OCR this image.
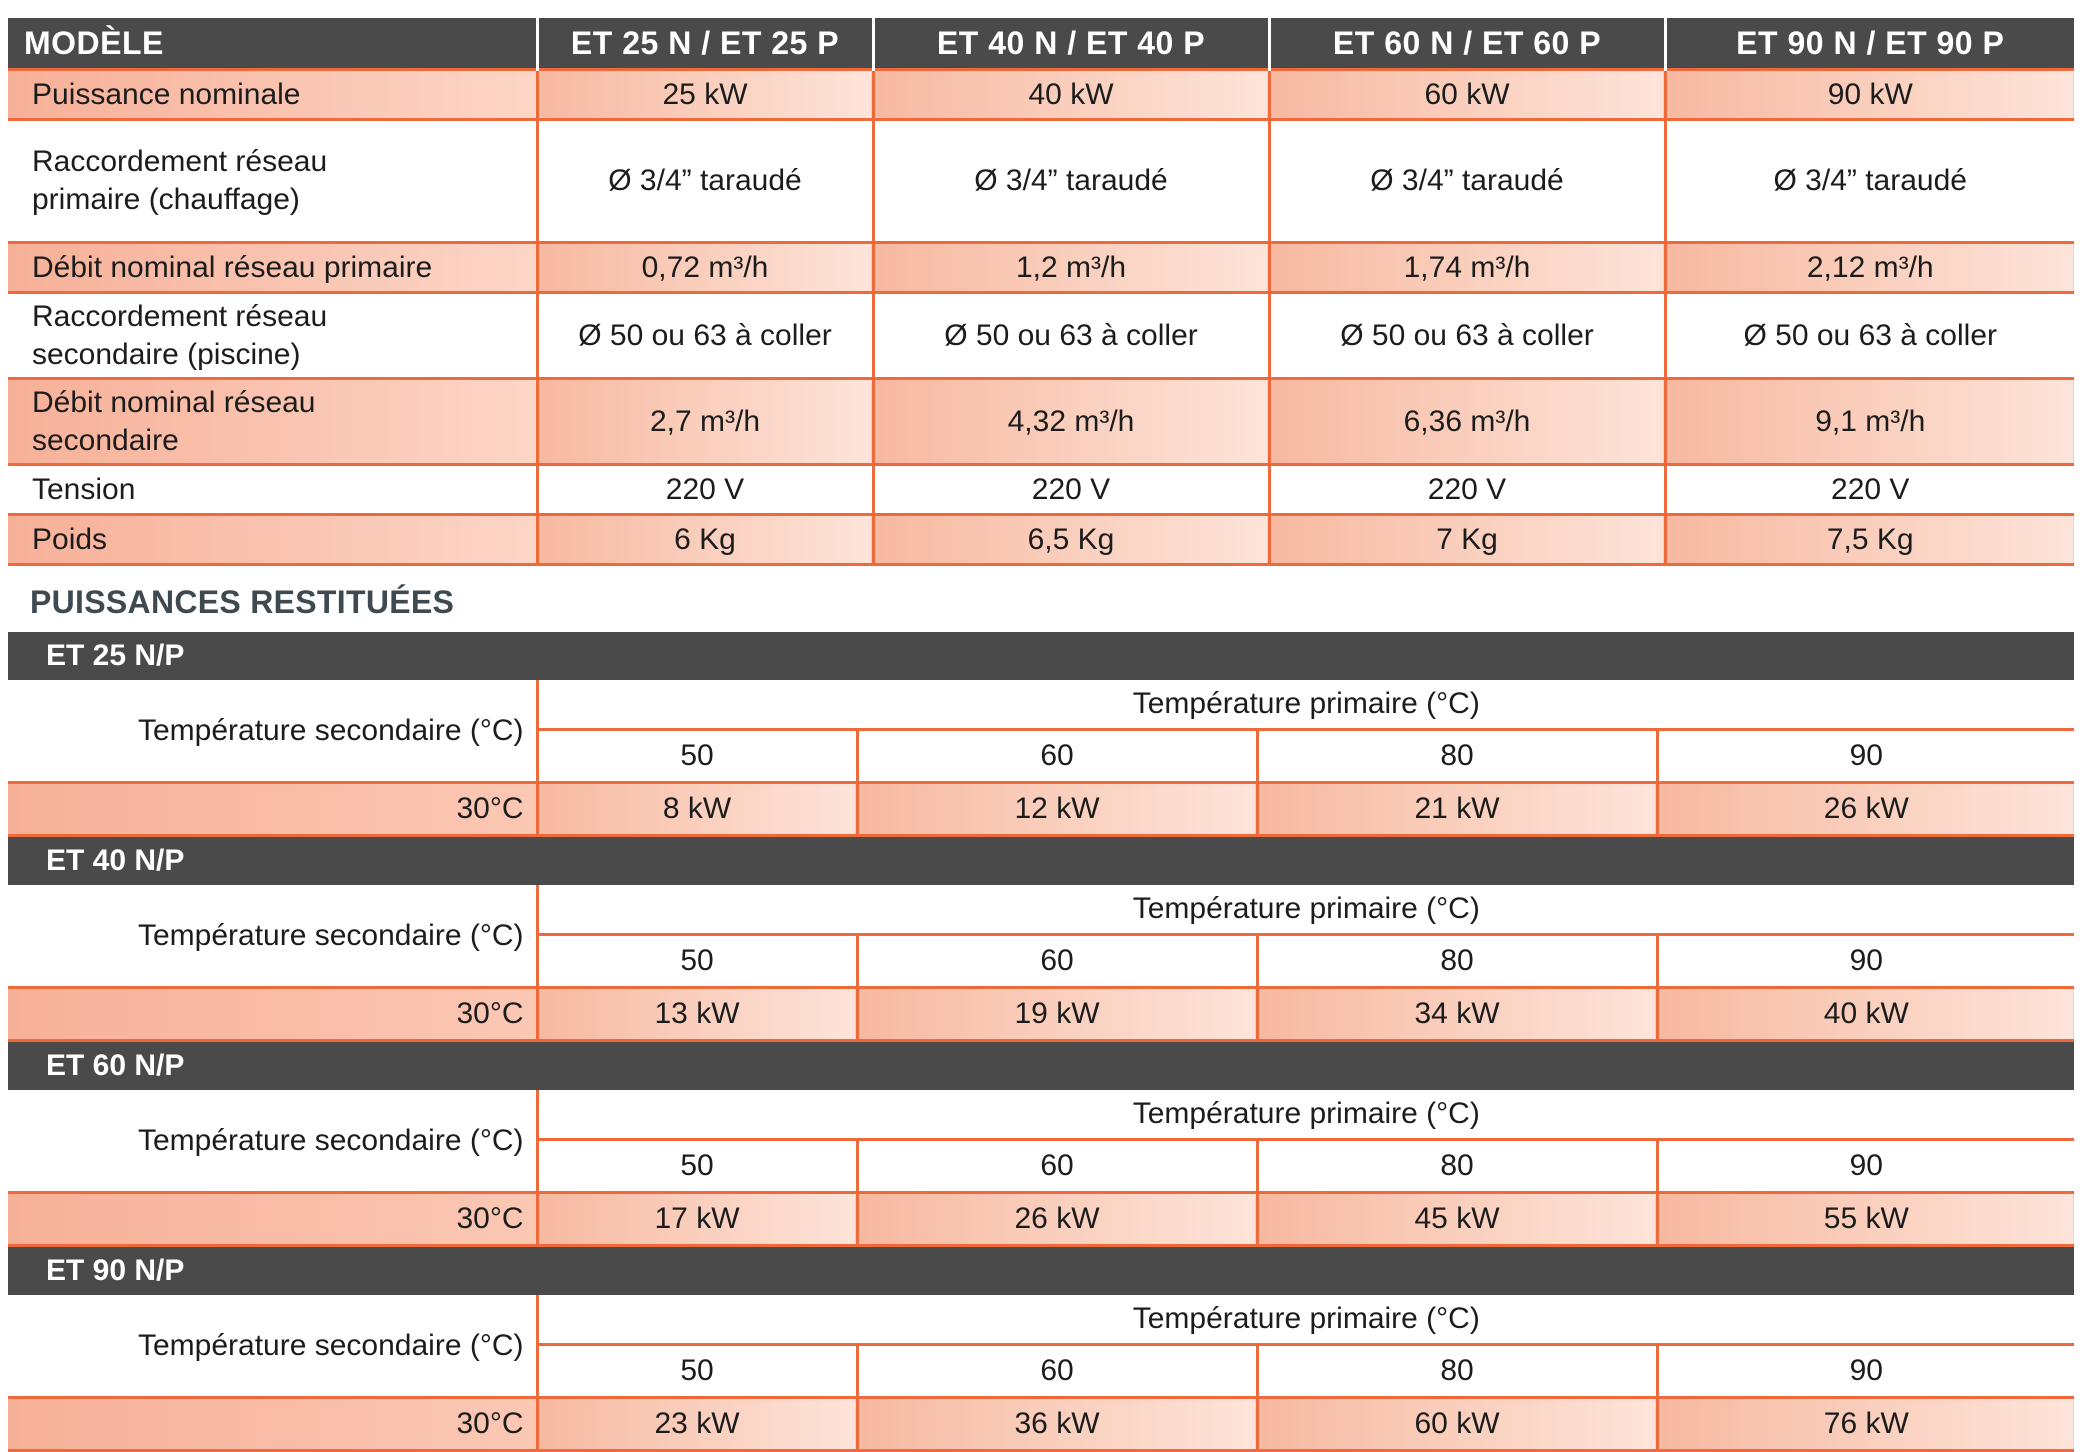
MODÈLE	ET 25 N / ET 25 P	ET 40 N / ET 40 P	ET 60 N / ET 60 P	ET 90 N / ET 90 P
Puissance nominale	25 kW	40 kW	60 kW	90 kW

Raccordement réseau primaire (chauffage)	Ø 3/4” taraudé	Ø 3/4” taraudé	Ø 3/4” taraudé	Ø 3/4” taraudé
Débit nominal réseau primaire	0,72 m³/h	1,2 m³/h	1,74 m³/h	2,12 m³/h

Raccordement réseau secondaire (piscine)	Ø 50 ou 63 à coller	Ø 50 ou 63 à coller	Ø 50 ou 63 à coller	Ø 50 ou 63 à coller

Débit nominal réseau secondaire	2,7 m³/h	4,32 m³/h	6,36 m³/h	9,1 m³/h
Tension	220 V	220 V	220 V	220 V
Poids	6 Kg	6,5 Kg	7 Kg	7,5 Kg
PUISSANCES RESTITUÉES
ET 25 N/P				
Température secondaire (°C)	Température primaire (°C)			
	50	60	80	90
30°C	8 kW	12 kW	21 kW	26 kW
ET 40 N/P				
Température secondaire (°C)	Température primaire (°C)			
	50	60	80	90
30°C	13 kW	19 kW	34 kW	40 kW
ET 60 N/P				
Température secondaire (°C)	Température primaire (°C)			
	50	60	80	90
30°C	17 kW	26 kW	45 kW	55 kW
ET 90 N/P				
Température secondaire (°C)	Température primaire (°C)			
	50	60	80	90
30°C	23 kW	36 kW	60 kW	76 kW
